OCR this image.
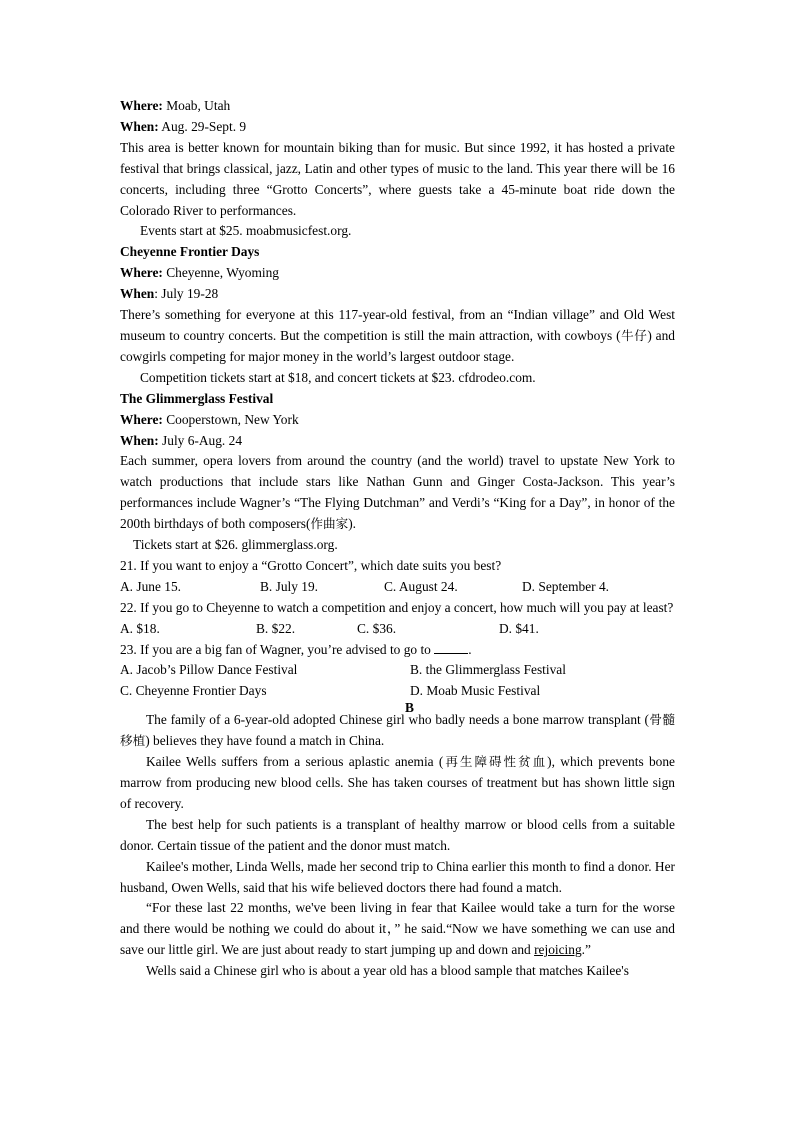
Where: Moab, Utah

When: Aug. 29-Sept. 9

This area is better known for mountain biking than for music. But since 1992, it has hosted a private festival that brings classical, jazz, Latin and other types of music to the land. This year there will be 16 concerts, including three “Grotto Concerts”, where guests take a 45-minute boat ride down the Colorado River to performances.

Events start at $25. moabmusicfest.org.

Cheyenne Frontier Days

Where: Cheyenne, Wyoming

When: July 19-28

There’s something for everyone at this 117-year-old festival, from an “Indian village” and Old West museum to country concerts. But the competition is still the main attraction, with cowboys (牛仔) and cowgirls competing for major money in the world’s largest outdoor stage.

Competition tickets start at $18, and concert tickets at $23. cfdrodeo.com.

The Glimmerglass Festival

Where: Cooperstown, New York

When: July 6-Aug. 24

Each summer, opera lovers from around the country (and the world) travel to upstate New York to watch productions that include stars like Nathan Gunn and Ginger Costa-Jackson. This year’s performances include Wagner’s “The Flying Dutchman” and Verdi’s “King for a Day”, in honor of the 200th birthdays of both composers(作曲家).

Tickets start at $26. glimmerglass.org.

21. If you want to enjoy a “Grotto Concert”, which date suits you best?

A. June 15.	B. July 19.	C. August 24.	D. September 4.

22. If you go to Cheyenne to watch a competition and enjoy a concert, how much will you pay at least?

A. $18.	B. $22.	C. $36.	D. $41.

23. If you are a big fan of Wagner, you’re advised to go to	.

A. Jacob’s Pillow Dance Festival	B. the Glimmerglass Festival
C. Cheyenne Frontier Days	D. Moab Music Festival
B

The family of a 6-year-old adopted Chinese girl who badly needs a bone marrow transplant (骨髓移植) believes they have found a match in China.

Kailee Wells suffers from a serious aplastic anemia (再生障碍性贫血), which prevents bone marrow from producing new blood cells. She has taken courses of treatment but has shown little sign of recovery.

The best help for such patients is a transplant of healthy marrow or blood cells from a suitable donor. Certain tissue of the patient and the donor must match.

Kailee's mother, Linda Wells, made her second trip to China earlier this month to find a donor. Her husband, Owen Wells, said that his wife believed doctors there had found a match.

“For these last 22 months, we've been living in fear that Kailee would take a turn for the worse and there would be nothing we could do about it，” he said.“Now we have something we can use and save our little girl. We are just about ready to start jumping up and down and rejoicing.”

Wells said a Chinese girl who is about a year old has a blood sample that matches Kailee's
